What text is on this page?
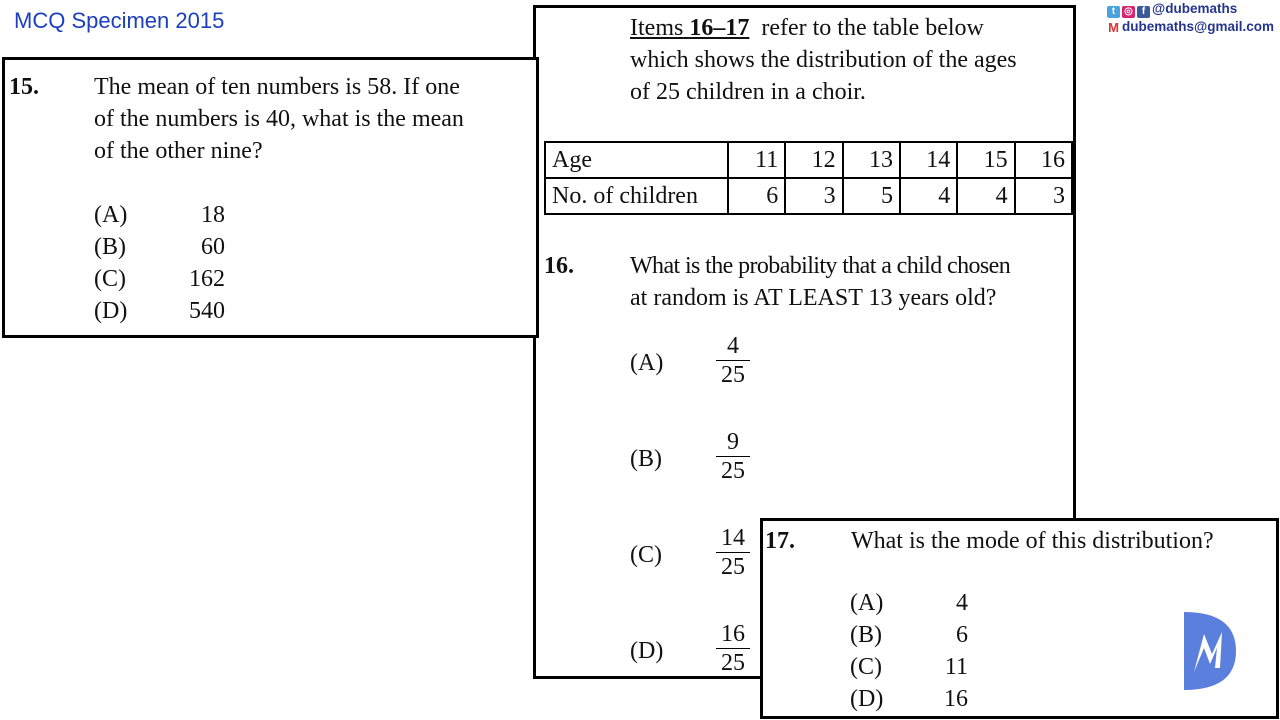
MCQ Specimen 2015	t ◎ f @dubemaths
M dubemaths@gmail.com
Items 16–17 refer to the table below
which shows the distribution of the ages
of 25 children in a choir.
Age	11	12	13	14	15	16
No. of children	6	3	5	4	4	3
16. What is the probability that a child chosen
at random is AT LEAST 13 years old?
$(A) \frac{4}{25}$
$(B) \frac{9}{25}$
$(C) \frac{14}{25}$
$(D) \frac{16}{25}$
15. The mean of ten numbers is 58. If one
of the numbers is 40, what is the mean
of the other nine?
(A)	18
(B)	60
(C)	162
(D)	540
17. What is the mode of this distribution?
(A)	4
(B)	6
(C)	11
(D)	16
